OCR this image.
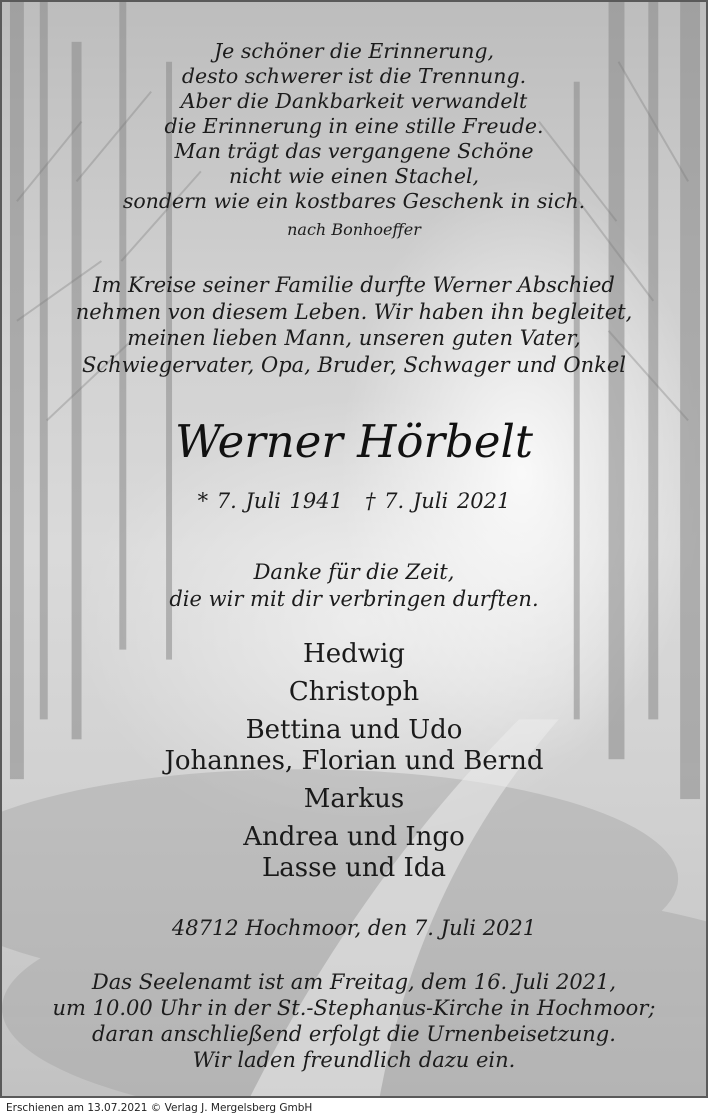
Je schöner die Erinnerung,
desto schwerer ist die Trennung.
Aber die Dankbarkeit verwandelt
die Erinnerung in eine stille Freude.
Man trägt das vergangene Schöne
nicht wie einen Stachel,
sondern wie ein kostbares Geschenk in sich.
nach Bonhoeffer
Im Kreise seiner Familie durfte Werner Abschied
nehmen von diesem Leben. Wir haben ihn begleitet,
meinen lieben Mann, unseren guten Vater,
Schwiegervater, Opa, Bruder, Schwager und Onkel
Werner Hörbelt
* 7. Juli 1941 † 7. Juli 2021
Danke für die Zeit,
die wir mit dir verbringen durften.
Hedwig
Christoph
Bettina und Udo
Johannes, Florian und Bernd
Markus
Andrea und Ingo
Lasse und Ida
48712 Hochmoor, den 7. Juli 2021
Das Seelenamt ist am Freitag, dem 16. Juli 2021,
um 10.00 Uhr in der St.-Stephanus-Kirche in Hochmoor;
daran anschließend erfolgt die Urnenbeisetzung.
Wir laden freundlich dazu ein.
Erschienen am 13.07.2021 © Verlag J. Mergelsberg GmbH
